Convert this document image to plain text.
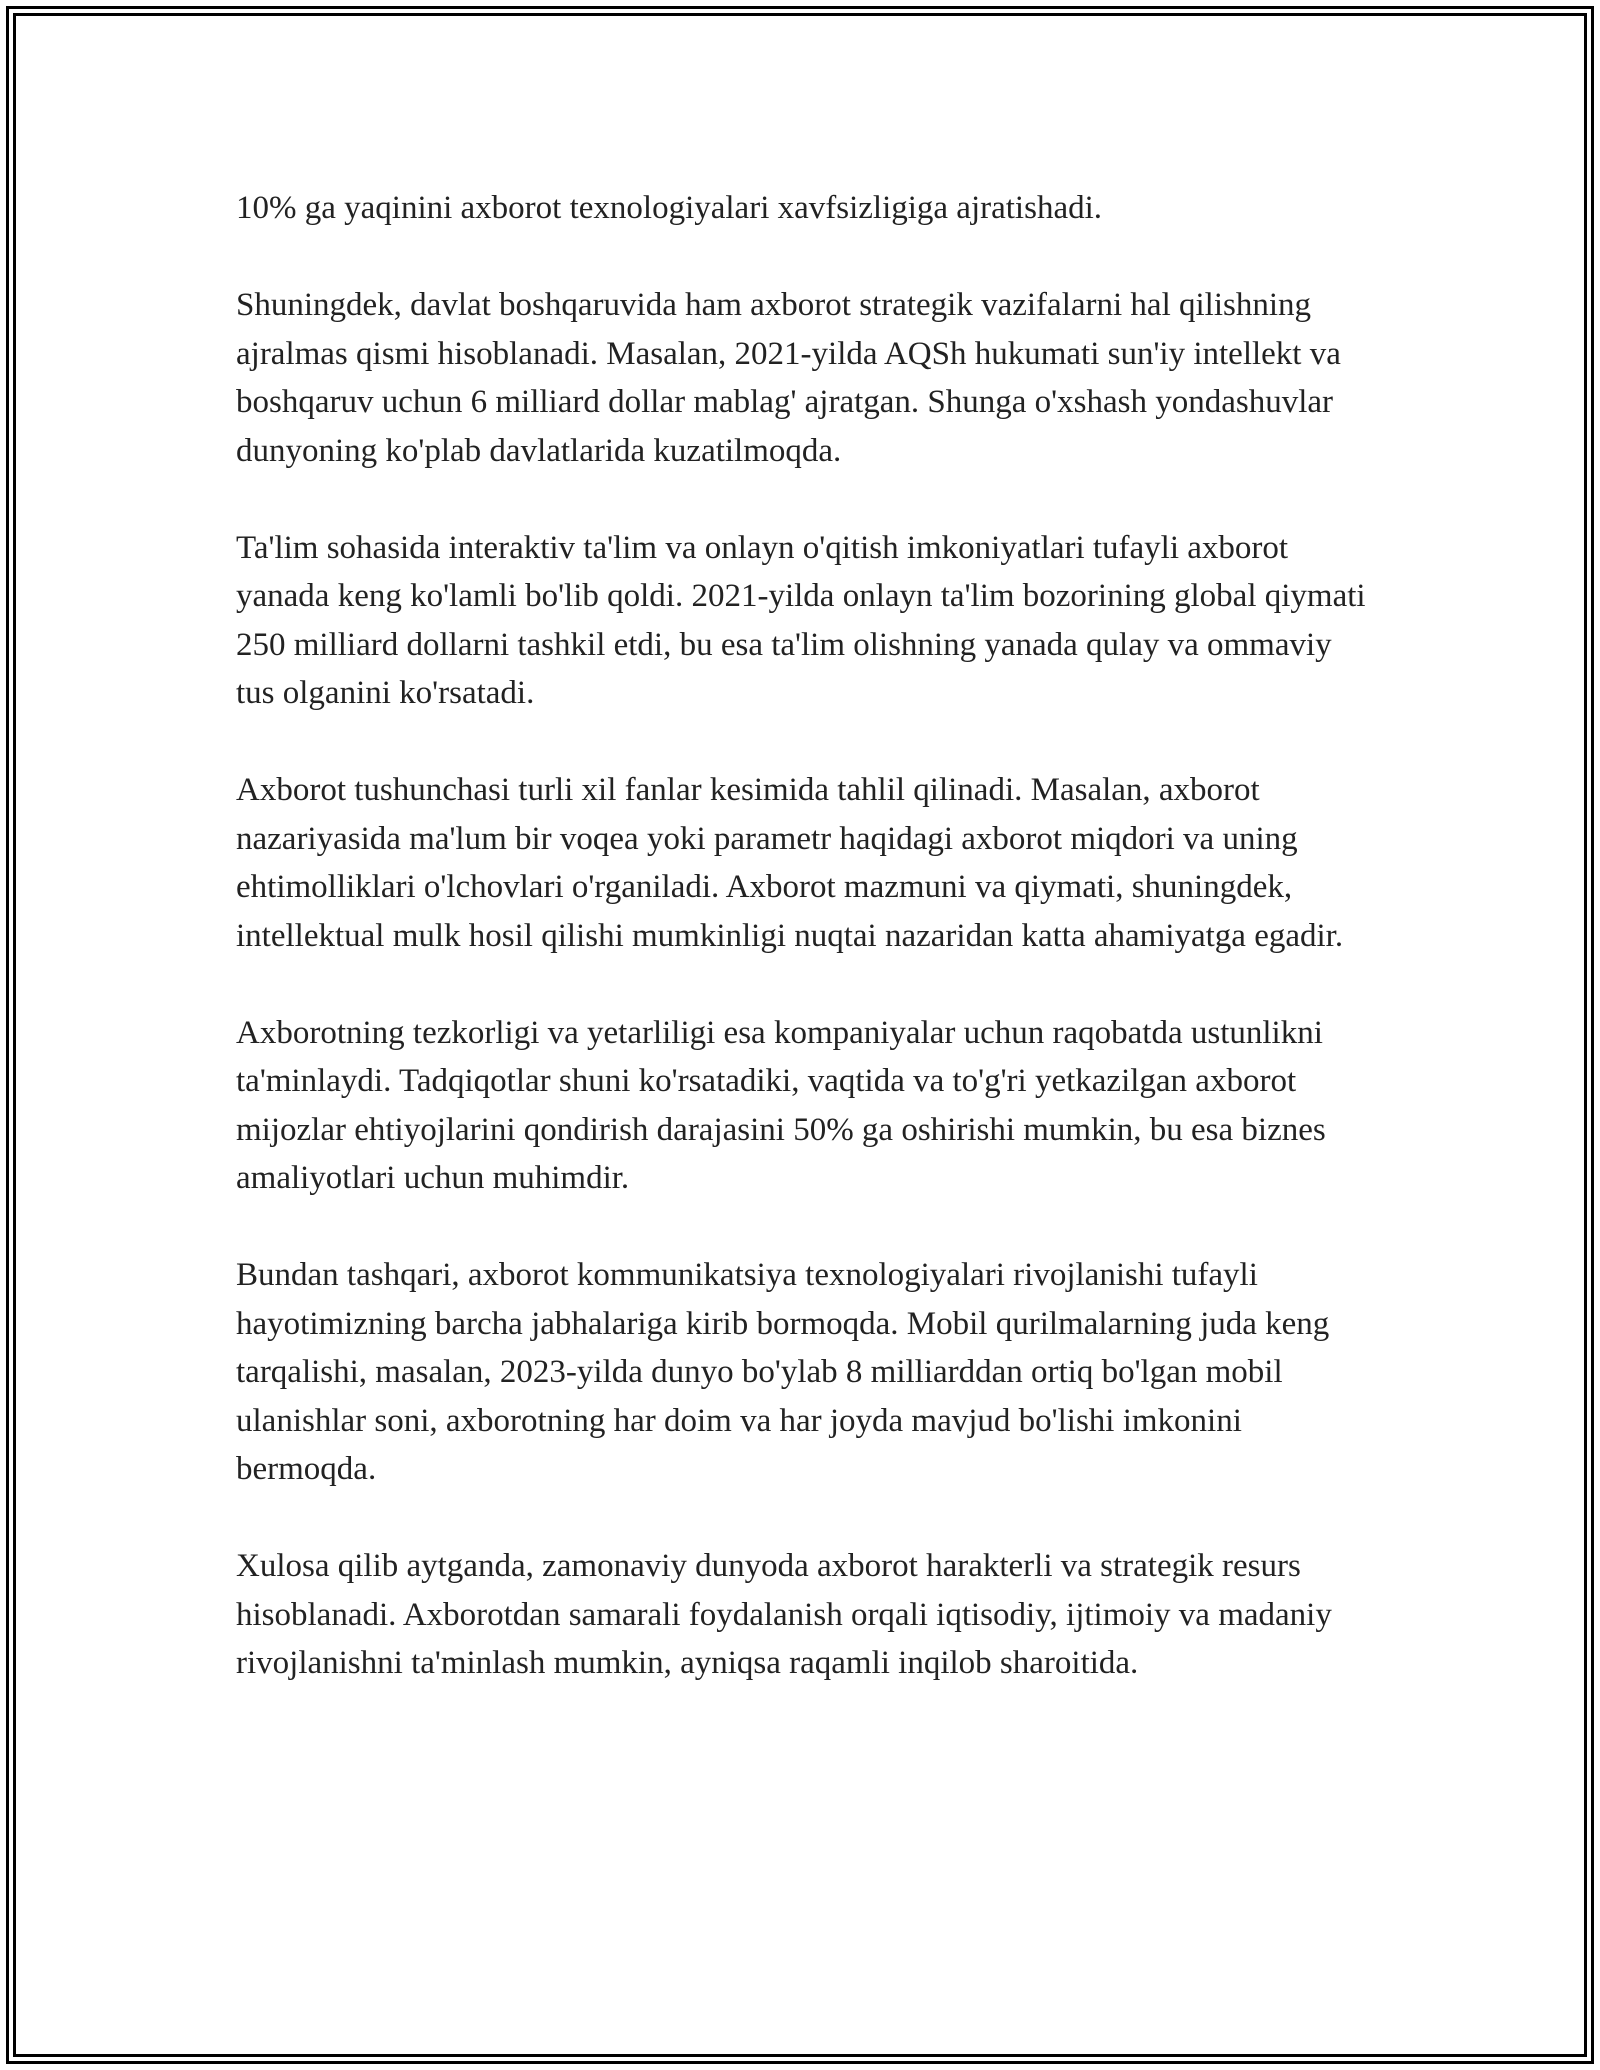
10% ga yaqinini axborot texnologiyalari xavfsizligiga ajratishadi.

Shuningdek, davlat boshqaruvida ham axborot strategik vazifalarni hal qilishning ajralmas qismi hisoblanadi. Masalan, 2021-yilda AQSh hukumati sun'iy intellekt va boshqaruv uchun 6 milliard dollar mablag' ajratgan. Shunga o'xshash yondashuvlar dunyoning ko'plab davlatlarida kuzatilmoqda.

Ta'lim sohasida interaktiv ta'lim va onlayn o'qitish imkoniyatlari tufayli axborot yanada keng ko'lamli bo'lib qoldi. 2021-yilda onlayn ta'lim bozorining global qiymati 250 milliard dollarni tashkil etdi, bu esa ta'lim olishning yanada qulay va ommaviy tus olganini ko'rsatadi.

Axborot tushunchasi turli xil fanlar kesimida tahlil qilinadi. Masalan, axborot nazariyasida ma'lum bir voqea yoki parametr haqidagi axborot miqdori va uning ehtimolliklari o'lchovlari o'rganiladi. Axborot mazmuni va qiymati, shuningdek, intellektual mulk hosil qilishi mumkinligi nuqtai nazaridan katta ahamiyatga egadir.

Axborotning tezkorligi va yetarliligi esa kompaniyalar uchun raqobatda ustunlikni ta'minlaydi. Tadqiqotlar shuni ko'rsatadiki, vaqtida va to'g'ri yetkazilgan axborot mijozlar ehtiyojlarini qondirish darajasini 50% ga oshirishi mumkin, bu esa biznes amaliyotlari uchun muhimdir.

Bundan tashqari, axborot kommunikatsiya texnologiyalari rivojlanishi tufayli hayotimizning barcha jabhalariga kirib bormoqda. Mobil qurilmalarning juda keng tarqalishi, masalan, 2023-yilda dunyo bo'ylab 8 milliarddan ortiq bo'lgan mobil ulanishlar soni, axborotning har doim va har joyda mavjud bo'lishi imkonini bermoqda.

Xulosa qilib aytganda, zamonaviy dunyoda axborot harakterli va strategik resurs hisoblanadi. Axborotdan samarali foydalanish orqali iqtisodiy, ijtimoiy va madaniy rivojlanishni ta'minlash mumkin, ayniqsa raqamli inqilob sharoitida.
